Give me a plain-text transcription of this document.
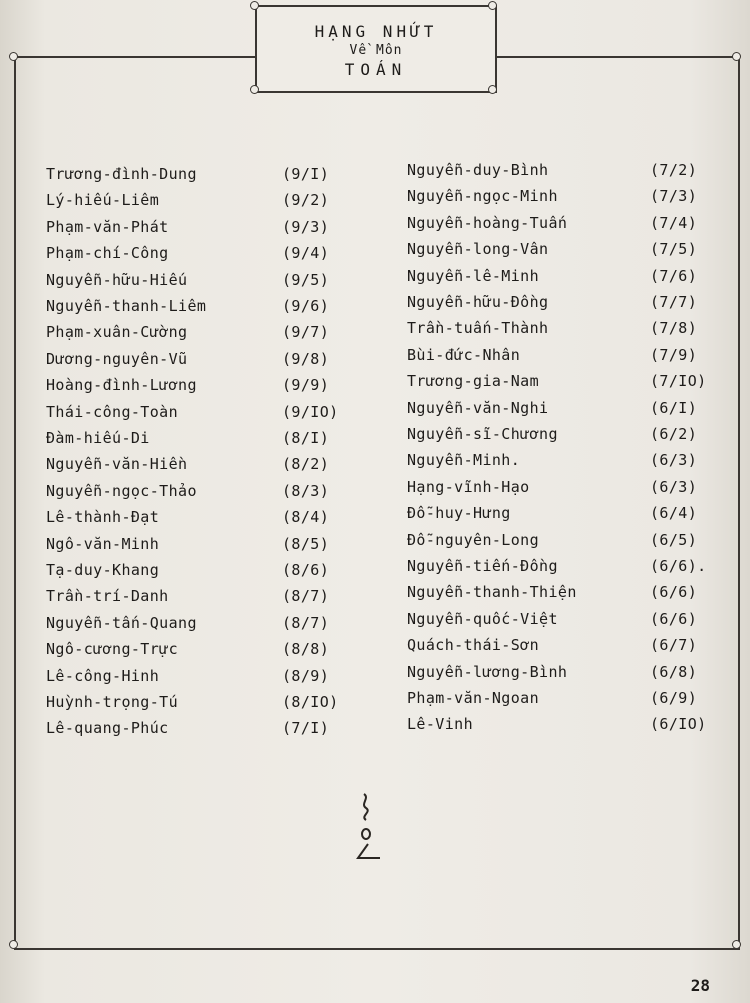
HẠNG NHỨT
Về Môn
TOÁN
Trương-đình-Dung	(9/I)
Lý-hiếu-Liêm	(9/2)
Phạm-văn-Phát	(9/3)
Phạm-chí-Công	(9/4)
Nguyễn-hữu-Hiếu	(9/5)
Nguyễn-thanh-Liêm	(9/6)
Phạm-xuân-Cường	(9/7)
Dương-nguyên-Vũ	(9/8)
Hoàng-đình-Lương	(9/9)
Thái-công-Toàn	(9/IO)
Đàm-hiếu-Di	(8/I)
Nguyễn-văn-Hiền	(8/2)
Nguyễn-ngọc-Thảo	(8/3)
Lê-thành-Đạt	(8/4)
Ngô-văn-Minh	(8/5)
Tạ-duy-Khang	(8/6)
Trần-trí-Danh	(8/7)
Nguyễn-tấn-Quang	(8/7)
Ngô-cương-Trực	(8/8)
Lê-công-Hinh	(8/9)
Huỳnh-trọng-Tú	(8/IO)
Lê-quang-Phúc	(7/I)
Nguyễn-duy-Bình	(7/2)
Nguyễn-ngọc-Minh	(7/3)
Nguyễn-hoàng-Tuấn	(7/4)
Nguyễn-long-Vân	(7/5)
Nguyễn-lê-Minh	(7/6)
Nguyễn-hữu-Đồng	(7/7)
Trần-tuấn-Thành	(7/8)
Bùi-đức-Nhân	(7/9)
Trương-gia-Nam	(7/IO)
Nguyễn-văn-Nghi	(6/I)
Nguyễn-sĩ-Chương	(6/2)
Nguyễn-Minh.	(6/3)
Hạng-vĩnh-Hạo	(6/3)
Đỗ-huy-Hưng	(6/4)
Đỗ-nguyên-Long	(6/5)
Nguyễn-tiến-Đồng	(6/6).
Nguyễn-thanh-Thiện	(6/6)
Nguyễn-quốc-Việt	(6/6)
Quách-thái-Sơn	(6/7)
Nguyễn-lương-Bình	(6/8)
Phạm-văn-Ngoan	(6/9)
Lê-Vinh	(6/IO)
28
